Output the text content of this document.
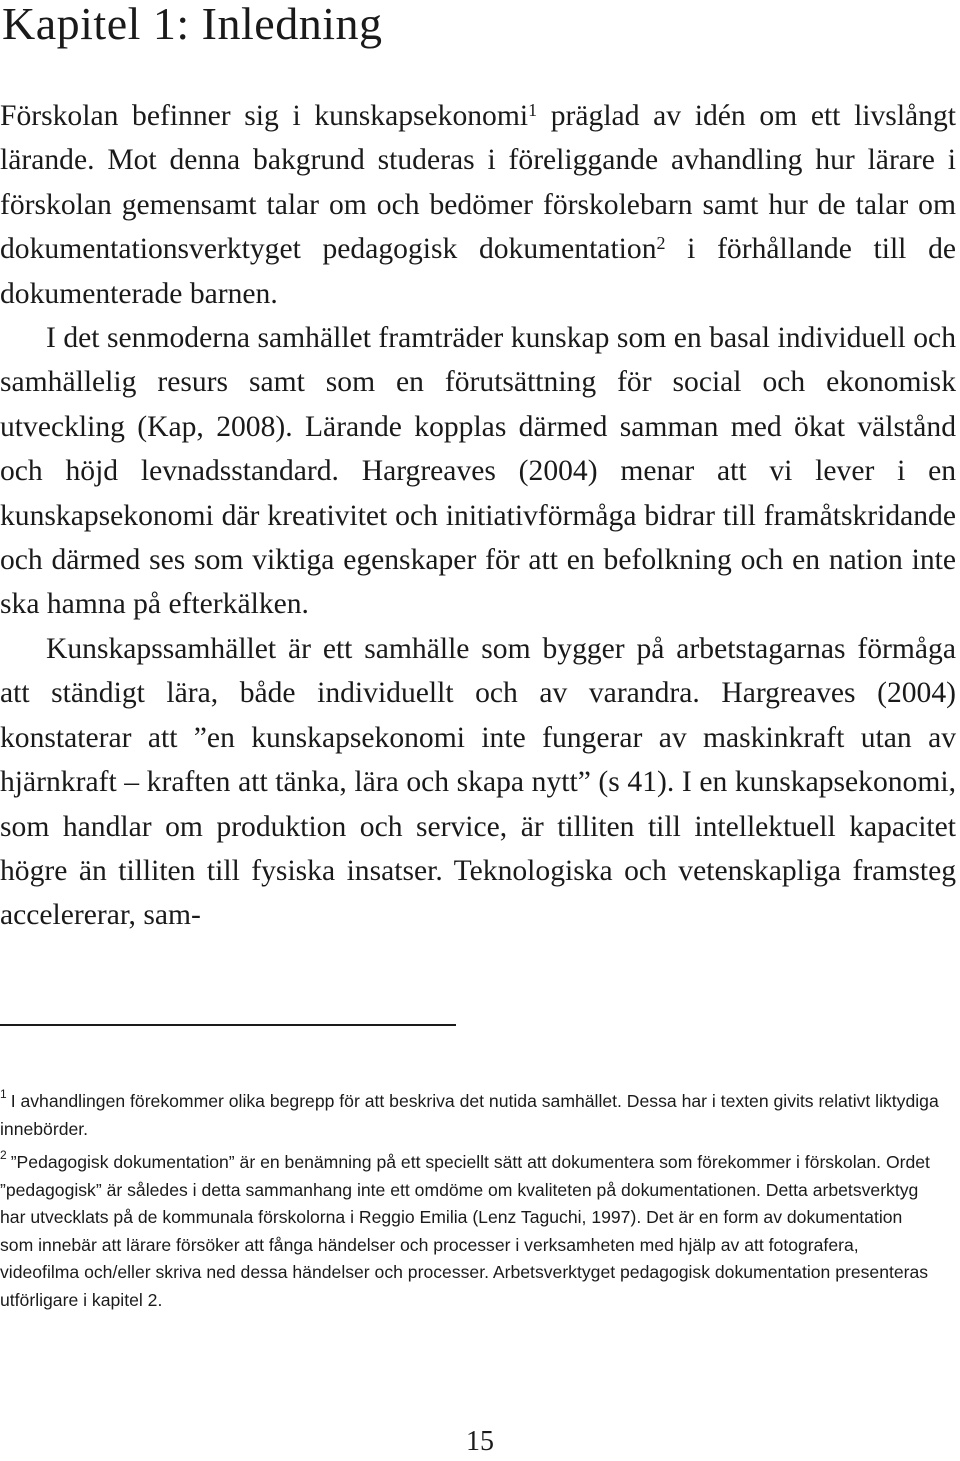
Kapitel 1: Inledning

Förskolan befinner sig i kunskapsekonomi$^1$ präglad av idén om ett livslångt lärande. Mot denna bakgrund studeras i föreliggande avhandling hur lärare i förskolan gemensamt talar om och bedömer förskolebarn samt hur de talar om dokumentationsverktyget pedagogisk dokumentation$^2$ i förhållande till de dokumenterade barnen.

I det senmoderna samhället framträder kunskap som en basal individuell och samhällelig resurs samt som en förutsättning för social och ekonomisk utveckling (Kap, 2008). Lärande kopplas därmed samman med ökat välstånd och höjd levnadsstandard. Hargreaves (2004) menar att vi lever i en kunskapsekonomi där kreativitet och initiativförmåga bidrar till framåtskridande och därmed ses som viktiga egenskaper för att en befolkning och en nation inte ska hamna på efterkälken.

Kunskapssamhället är ett samhälle som bygger på arbetstagarnas förmåga att ständigt lära, både individuellt och av varandra. Hargreaves (2004) konstaterar att ”en kunskapsekonomi inte fungerar av maskinkraft utan av hjärnkraft – kraften att tänka, lära och skapa nytt” (s 41). I en kunskapsekonomi, som handlar om produktion och service, är tilliten till intellektuell kapacitet högre än tilliten till fysiska insatser. Teknologiska och vetenskapliga framsteg accelererar, sam-

$^1$ I avhandlingen förekommer olika begrepp för att beskriva det nutida samhället. Dessa har i texten givits relativt liktydiga innebörder.

$^2$ ”Pedagogisk dokumentation” är en benämning på ett speciellt sätt att dokumentera som förekommer i förskolan. Ordet ”pedagogisk” är således i detta sammanhang inte ett omdöme om kvaliteten på dokumentationen. Detta arbetsverktyg har utvecklats på de kommunala förskolorna i Reggio Emilia (Lenz Taguchi, 1997). Det är en form av dokumentation som innebär att lärare försöker att fånga händelser och processer i verksamheten med hjälp av att fotografera, videofilma och/eller skriva ned dessa händelser och processer. Arbetsverktyget pedagogisk dokumentation presenteras utförligare i kapitel 2.

15
